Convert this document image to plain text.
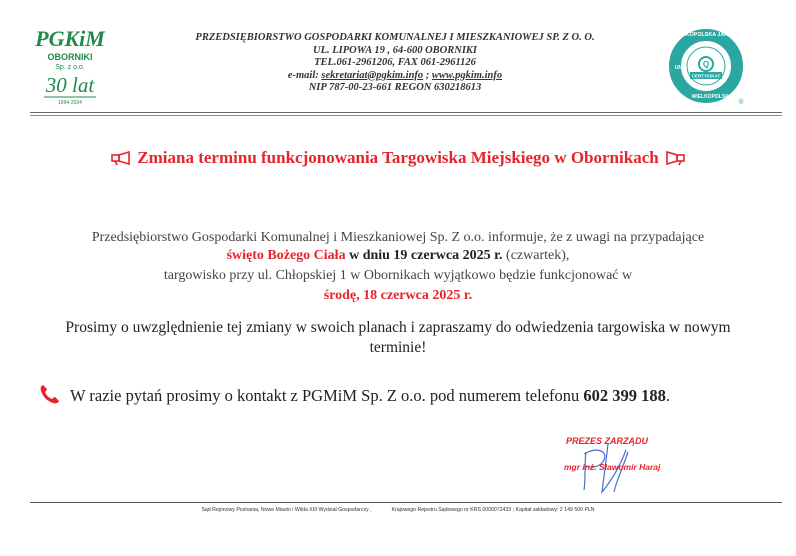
PGKiM
OBORNIKI
Sp. z o.o.
30 lat
1994-2024
PRZEDSIĘBIORSTWO GOSPODARKI KOMUNALNEJ I MIESZKANIOWEJ SP. Z O. O.
UL. LIPOWA 19 , 64-600 OBORNIKI
TEL.061-2961206, FAX 061-2961126
e-mail: sekretariat@pgkim.info ; www.pgkim.info
NIP 787-00-23-661 REGON 630218613
WIELKOPOLSKA JAKOŚĆ
UNIA
WIELKOPOLSKA
Q
CERTYFIKAT
®
Zmiana terminu funkcjonowania Targowiska Miejskiego w Obornikach
Przedsiębiorstwo Gospodarki Komunalnej i Mieszkaniowej Sp. Z o.o. informuje, że z uwagi na przypadające
święto Bożego Ciała w dniu 19 czerwca 2025 r. (czwartek),
targowisko przy ul. Chłopskiej 1 w Obornikach wyjątkowo będzie funkcjonować w
środę, 18 czerwca 2025 r.
Prosimy o uwzględnienie tej zmiany w swoich planach i zapraszamy do odwiedzenia targowiska w nowym
terminie!
W razie pytań prosimy o kontakt z PGMiM Sp. Z o.o. pod numerem telefonu 602 399 188.
PREZES ZARZĄDU
mgr inż. Sławomir Haraj
Sąd Rejonowy Poznania, Nowe Miasto i Wilda XIII Wydział Gospodarczy ,	Krajowego Rejestru Sądowego nr KRS 0000072433 ; Kapitał zakładowy: 2 149 500 PLN
